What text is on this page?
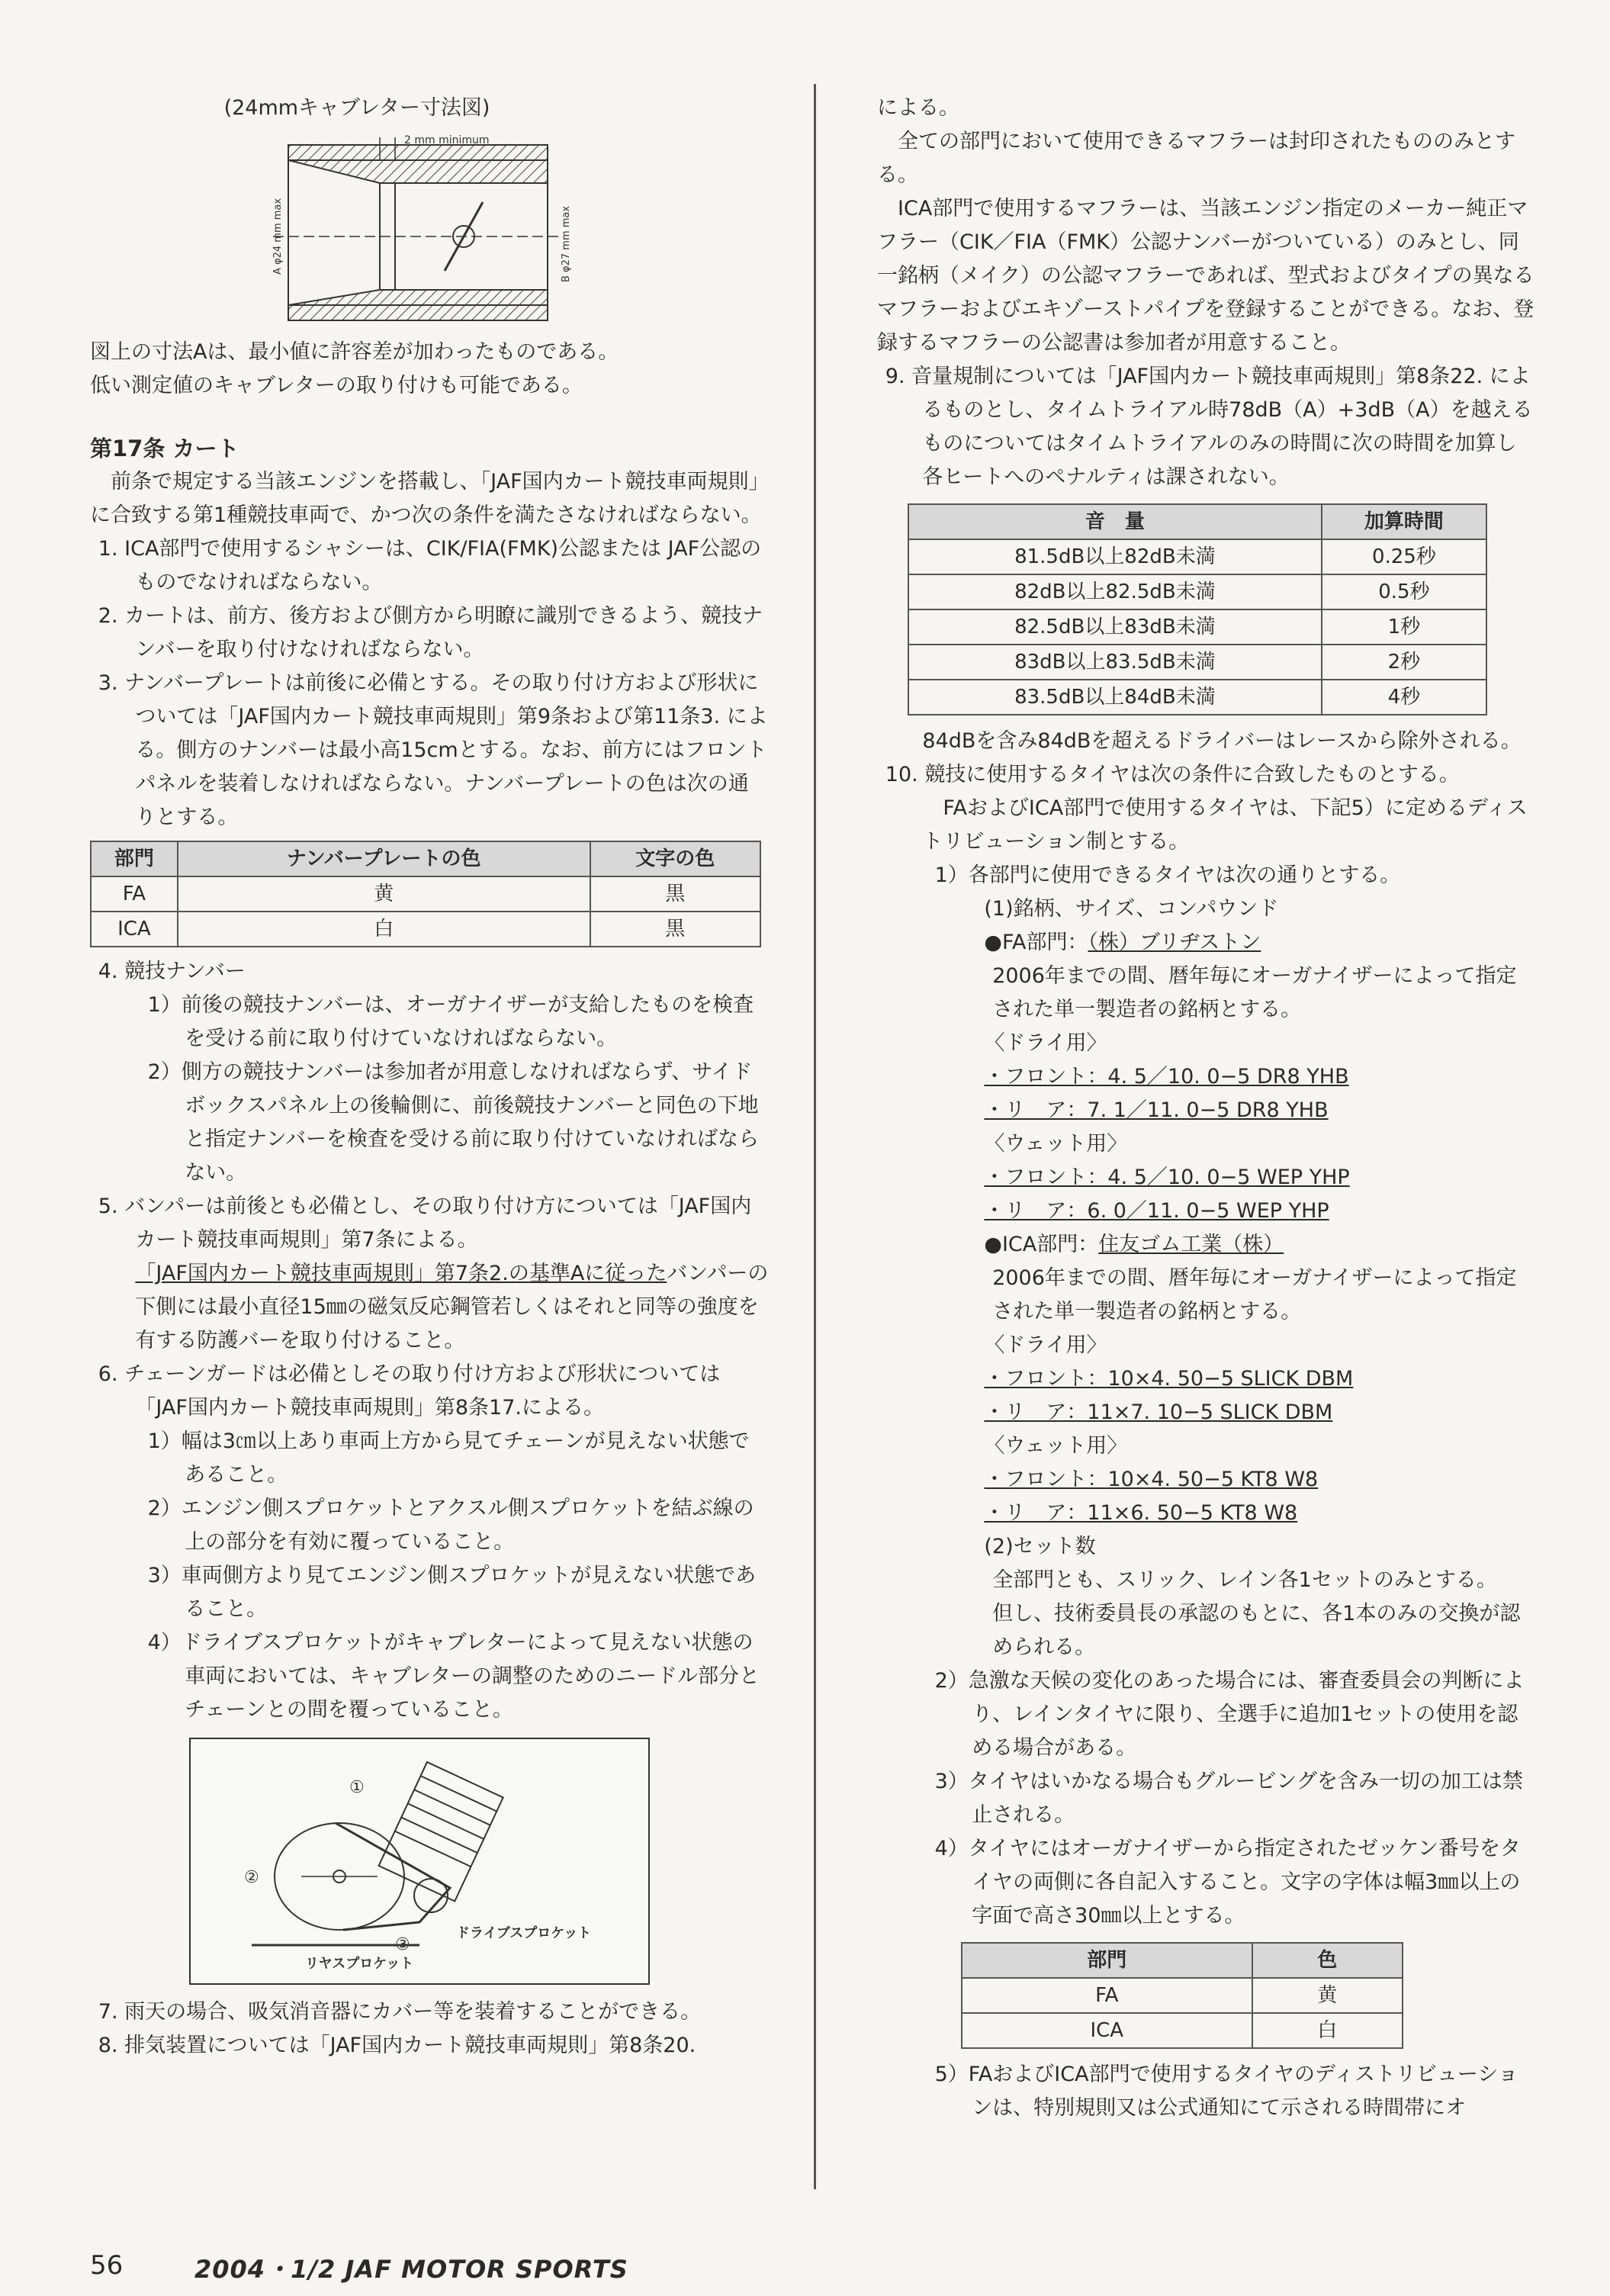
(24mmキャブレター寸法図)

2 mm minimum
A φ24 mm max	B φ27 mm max

図上の寸法Aは、最小値に許容差が加わったものである。

低い測定値のキャブレターの取り付けも可能である。

第17条 カート

前条で規定する当該エンジンを搭載し、「JAF国内カート競技車両規則」に合致する第1種競技車両で、かつ次の条件を満たさなければならない。

1. ICA部門で使用するシャシーは、CIK/FIA(FMK)公認または JAF公認のものでなければならない。

2. カートは、前方、後方および側方から明瞭に識別できるよう、競技ナンバーを取り付けなければならない。

3. ナンバープレートは前後に必備とする。その取り付け方および形状については「JAF国内カート競技車両規則」第9条および第11条3. による。側方のナンバーは最小高15cmとする。なお、前方にはフロントパネルを装着しなければならない。ナンバープレートの色は次の通りとする。

部門	ナンバープレートの色	文字の色
FA	黄	黒
ICA	白	黒

4. 競技ナンバー

1）前後の競技ナンバーは、オーガナイザーが支給したものを検査を受ける前に取り付けていなければならない。

2）側方の競技ナンバーは参加者が用意しなければならず、サイドボックスパネル上の後輪側に、前後競技ナンバーと同色の下地と指定ナンバーを検査を受ける前に取り付けていなければならない。

5. バンパーは前後とも必備とし、その取り付け方については「JAF国内カート競技車両規則」第7条による。

「JAF国内カート競技車両規則」第7条2.の基準Aに従ったバンパーの下側には最小直径15㎜の磁気反応鋼管若しくはそれと同等の強度を有する防護バーを取り付けること。

6. チェーンガードは必備としその取り付け方および形状については「JAF国内カート競技車両規則」第8条17.による。

1）幅は3㎝以上あり車両上方から見てチェーンが見えない状態であること。

2）エンジン側スプロケットとアクスル側スプロケットを結ぶ線の上の部分を有効に覆っていること。

3）車両側方より見てエンジン側スプロケットが見えない状態であること。

4）ドライブスプロケットがキャブレターによって見えない状態の車両においては、キャブレターの調整のためのニードル部分とチェーンとの間を覆っていること。

①
②
③
ドライブスプロケット
リヤスプロケット

7. 雨天の場合、吸気消音器にカバー等を装着することができる。

8. 排気装置については「JAF国内カート競技車両規則」第8条20.

による。

全ての部門において使用できるマフラーは封印されたもののみとする。

ICA部門で使用するマフラーは、当該エンジン指定のメーカー純正マフラー（CIK／FIA（FMK）公認ナンバーがついている）のみとし、同一銘柄（メイク）の公認マフラーであれば、型式およびタイプの異なるマフラーおよびエキゾーストパイプを登録することができる。なお、登録するマフラーの公認書は参加者が用意すること。

9. 音量規制については「JAF国内カート競技車両規則」第8条22. によるものとし、タイムトライアル時78dB（A）+3dB（A）を越えるものについてはタイムトライアルのみの時間に次の時間を加算し各ヒートへのペナルティは課されない。

音　量	加算時間
81.5dB以上82dB未満	0.25秒
82dB以上82.5dB未満	0.5秒
82.5dB以上83dB未満	1秒
83dB以上83.5dB未満	2秒
83.5dB以上84dB未満	4秒

84dBを含み84dBを超えるドライバーはレースから除外される。

10. 競技に使用するタイヤは次の条件に合致したものとする。

FAおよびICA部門で使用するタイヤは、下記5）に定めるディストリビューション制とする。

1）各部門に使用できるタイヤは次の通りとする。

(1)銘柄、サイズ、コンパウンド

●FA部門：（株）ブリヂストン

2006年までの間、暦年毎にオーガナイザーによって指定された単一製造者の銘柄とする。

〈ドライ用〉

・フロント：4. 5／10. 0−5 DR8 YHB

・リ　ア：7. 1／11. 0−5 DR8 YHB

〈ウェット用〉

・フロント：4. 5／10. 0−5 WEP YHP

・リ　ア：6. 0／11. 0−5 WEP YHP

●ICA部門：住友ゴム工業（株）

2006年までの間、暦年毎にオーガナイザーによって指定された単一製造者の銘柄とする。

〈ドライ用〉

・フロント：10×4. 50−5 SLICK DBM

・リ　ア：11×7. 10−5 SLICK DBM

〈ウェット用〉

・フロント：10×4. 50−5 KT8 W8

・リ　ア：11×6. 50−5 KT8 W8

(2)セット数

全部門とも、スリック、レイン各1セットのみとする。

但し、技術委員長の承認のもとに、各1本のみの交換が認められる。

2）急激な天候の変化のあった場合には、審査委員会の判断により、レインタイヤに限り、全選手に追加1セットの使用を認める場合がある。

3）タイヤはいかなる場合もグルービングを含み一切の加工は禁止される。

4）タイヤにはオーガナイザーから指定されたゼッケン番号をタイヤの両側に各自記入すること。文字の字体は幅3㎜以上の字面で高さ30㎜以上とする。

部門	色
FA	黄
ICA	白

5）FAおよびICA部門で使用するタイヤのディストリビューションは、特別規則又は公式通知にて示される時間帯にオ

56	2004・1/2 JAF MOTOR SPORTS
